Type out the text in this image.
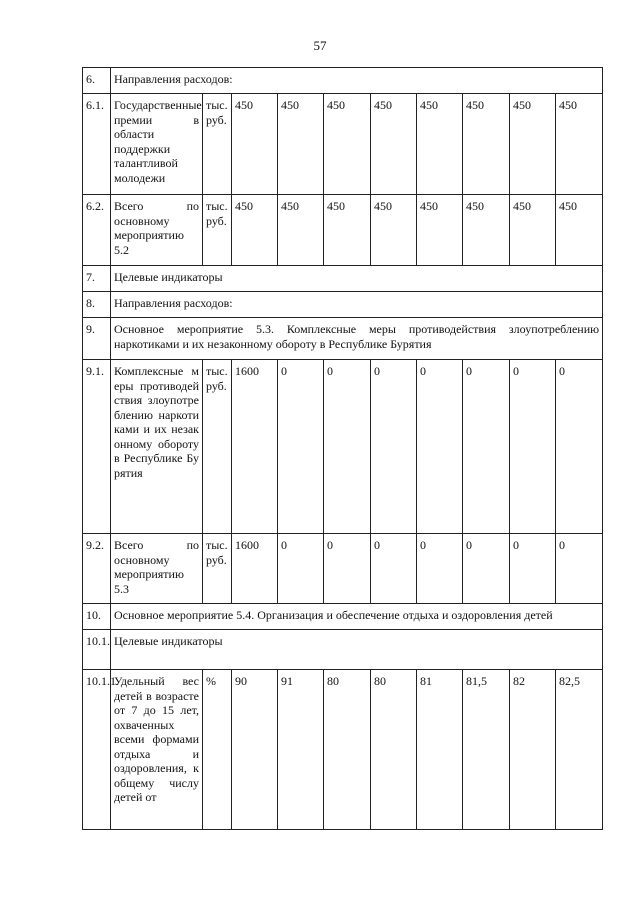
57
6.	Направления расходов:									
6.1.	Государственные премии в области поддержки талантливой молодежи	тыс. руб.	450	450	450	450	450	450	450	450
6.2.	Всего по основному мероприятию 5.2	тыс. руб.	450	450	450	450	450	450	450	450
7.	Целевые индикаторы									
8.	Направления расходов:									
9.	Основное мероприятие 5.3. Комплексные меры противодействия злоупотреблению наркотиками и их незаконному обороту в Республике Бурятия									
9.1.	Комплексные меры противодействия злоупотреблению наркотиками и их незаконному обороту в Республике Бурятия	тыс. руб.	1600	0	0	0	0	0	0	0
9.2.	Всего по основному мероприятию 5.3	тыс. руб.	1600	0	0	0	0	0	0	0
10.	Основное мероприятие 5.4. Организация и обеспечение отдыха и оздоровления детей									
10.1.	Целевые индикаторы									
10.1.1.	Удельный вес детей в возрасте от 7 до 15 лет, охваченных всеми формами отдыха и оздоровления, к общему числу детей от	%	90	91	80	80	81	81,5	82	82,5
